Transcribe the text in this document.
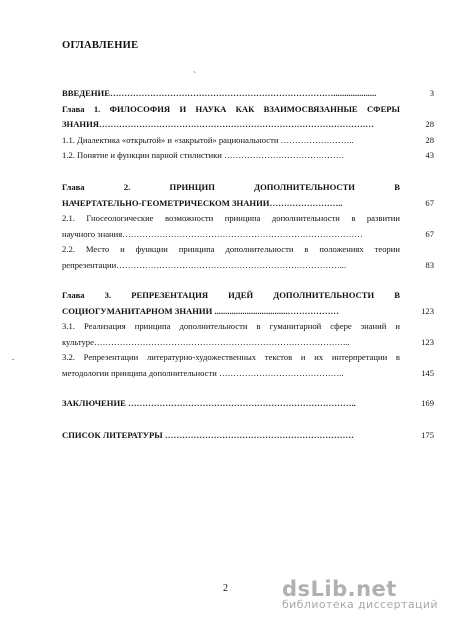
ОГЛАВЛЕНИЕ
`
.
ВВЕДЕНИЕ……………………………………………………………………....................	3
Глава 1. ФИЛОСОФИЯ И НАУКА КАК ВЗАИМОСВЯЗАННЫЕ СФЕРЫ
ЗНАНИЯ……………………………………………………………………………………	28
1.1. Диалектика «открытой» и «закрытой» рациональности ……………………..	28
1.2. Понятие и функции парной стилистики ……………………………………	43
Глава 2. ПРИНЦИП ДОПОЛНИТЕЛЬНОСТИ В
НАЧЕРТАТЕЛЬНО-ГЕОМЕТРИЧЕСКОМ ЗНАНИИ……………………..	67
2.1. Гносеологические возможности принципа дополнительности в развитии
научного знания…………………………………………………………………………	67
2.2. Место и функции принципа дополнительности в положениях теории
репрезентации……………………………………………………………………...	83
Глава 3. РЕПРЕЗЕНТАЦИЯ ИДЕЙ ДОПОЛНИТЕЛЬНОСТИ В
СОЦИОГУМАНИТАРНОМ ЗНАНИИ ..................................………………	123
3.1. Реализация принципа дополнительности в гуманитарной сфере знаний и
культуре……………………………………………………………………………...	123
3.2. Репрезентации литературно-художественных текстов и их интерпретации в
методологии принципа дополнительности ……………………………………..	145
ЗАКЛЮЧЕНИЕ ……………………………………………………………………..	169
СПИСОК ЛИТЕРАТУРЫ …………………………………………………………	175
2	dsLib.net
библиотека диссертаций
